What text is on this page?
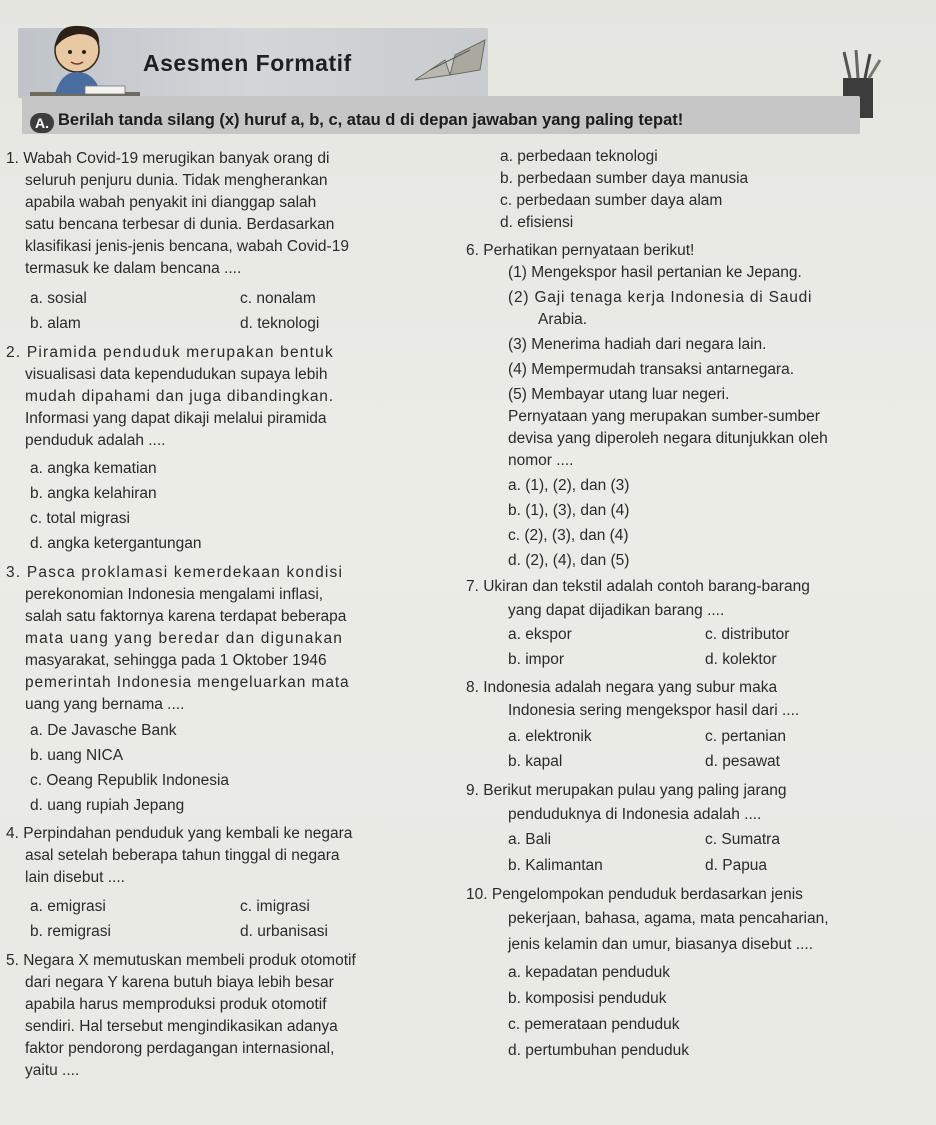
Asesmen Formatif
A. Berilah tanda silang (x) huruf a, b, c, atau d di depan jawaban yang paling tepat!
1. Wabah Covid-19 merugikan banyak orang di
seluruh penjuru dunia. Tidak mengherankan
apabila wabah penyakit ini dianggap salah
satu bencana terbesar di dunia. Berdasarkan
klasifikasi jenis-jenis bencana, wabah Covid-19
termasuk ke dalam bencana ....
a. sosial	c. nonalam
b. alam	d. teknologi
2. Piramida penduduk merupakan bentuk
visualisasi data kependudukan supaya lebih
mudah dipahami dan juga dibandingkan.
Informasi yang dapat dikaji melalui piramida
penduduk adalah ....
a. angka kematian
b. angka kelahiran
c. total migrasi
d. angka ketergantungan
3. Pasca proklamasi kemerdekaan kondisi
perekonomian Indonesia mengalami inflasi,
salah satu faktornya karena terdapat beberapa
mata uang yang beredar dan digunakan
masyarakat, sehingga pada 1 Oktober 1946
pemerintah Indonesia mengeluarkan mata
uang yang bernama ....
a. De Javasche Bank
b. uang NICA
c. Oeang Republik Indonesia
d. uang rupiah Jepang
4. Perpindahan penduduk yang kembali ke negara
asal setelah beberapa tahun tinggal di negara
lain disebut ....
a. emigrasi	c. imigrasi
b. remigrasi	d. urbanisasi
5. Negara X memutuskan membeli produk otomotif
dari negara Y karena butuh biaya lebih besar
apabila harus memproduksi produk otomotif
sendiri. Hal tersebut mengindikasikan adanya
faktor pendorong perdagangan internasional,
yaitu ....
a. perbedaan teknologi
b. perbedaan sumber daya manusia
c. perbedaan sumber daya alam
d. efisiensi
6. Perhatikan pernyataan berikut!
(1) Mengekspor hasil pertanian ke Jepang.
(2) Gaji tenaga kerja Indonesia di Saudi
Arabia.
(3) Menerima hadiah dari negara lain.
(4) Mempermudah transaksi antarnegara.
(5) Membayar utang luar negeri.
Pernyataan yang merupakan sumber-sumber
devisa yang diperoleh negara ditunjukkan oleh
nomor ....
a. (1), (2), dan (3)
b. (1), (3), dan (4)
c. (2), (3), dan (4)
d. (2), (4), dan (5)
7. Ukiran dan tekstil adalah contoh barang-barang
yang dapat dijadikan barang ....
a. ekspor	c. distributor
b. impor	d. kolektor
8. Indonesia adalah negara yang subur maka
Indonesia sering mengekspor hasil dari ....
a. elektronik	c. pertanian
b. kapal	d. pesawat
9. Berikut merupakan pulau yang paling jarang
penduduknya di Indonesia adalah ....
a. Bali	c. Sumatra
b. Kalimantan	d. Papua
10. Pengelompokan penduduk berdasarkan jenis
pekerjaan, bahasa, agama, mata pencaharian,
jenis kelamin dan umur, biasanya disebut ....
a. kepadatan penduduk
b. komposisi penduduk
c. pemerataan penduduk
d. pertumbuhan penduduk
